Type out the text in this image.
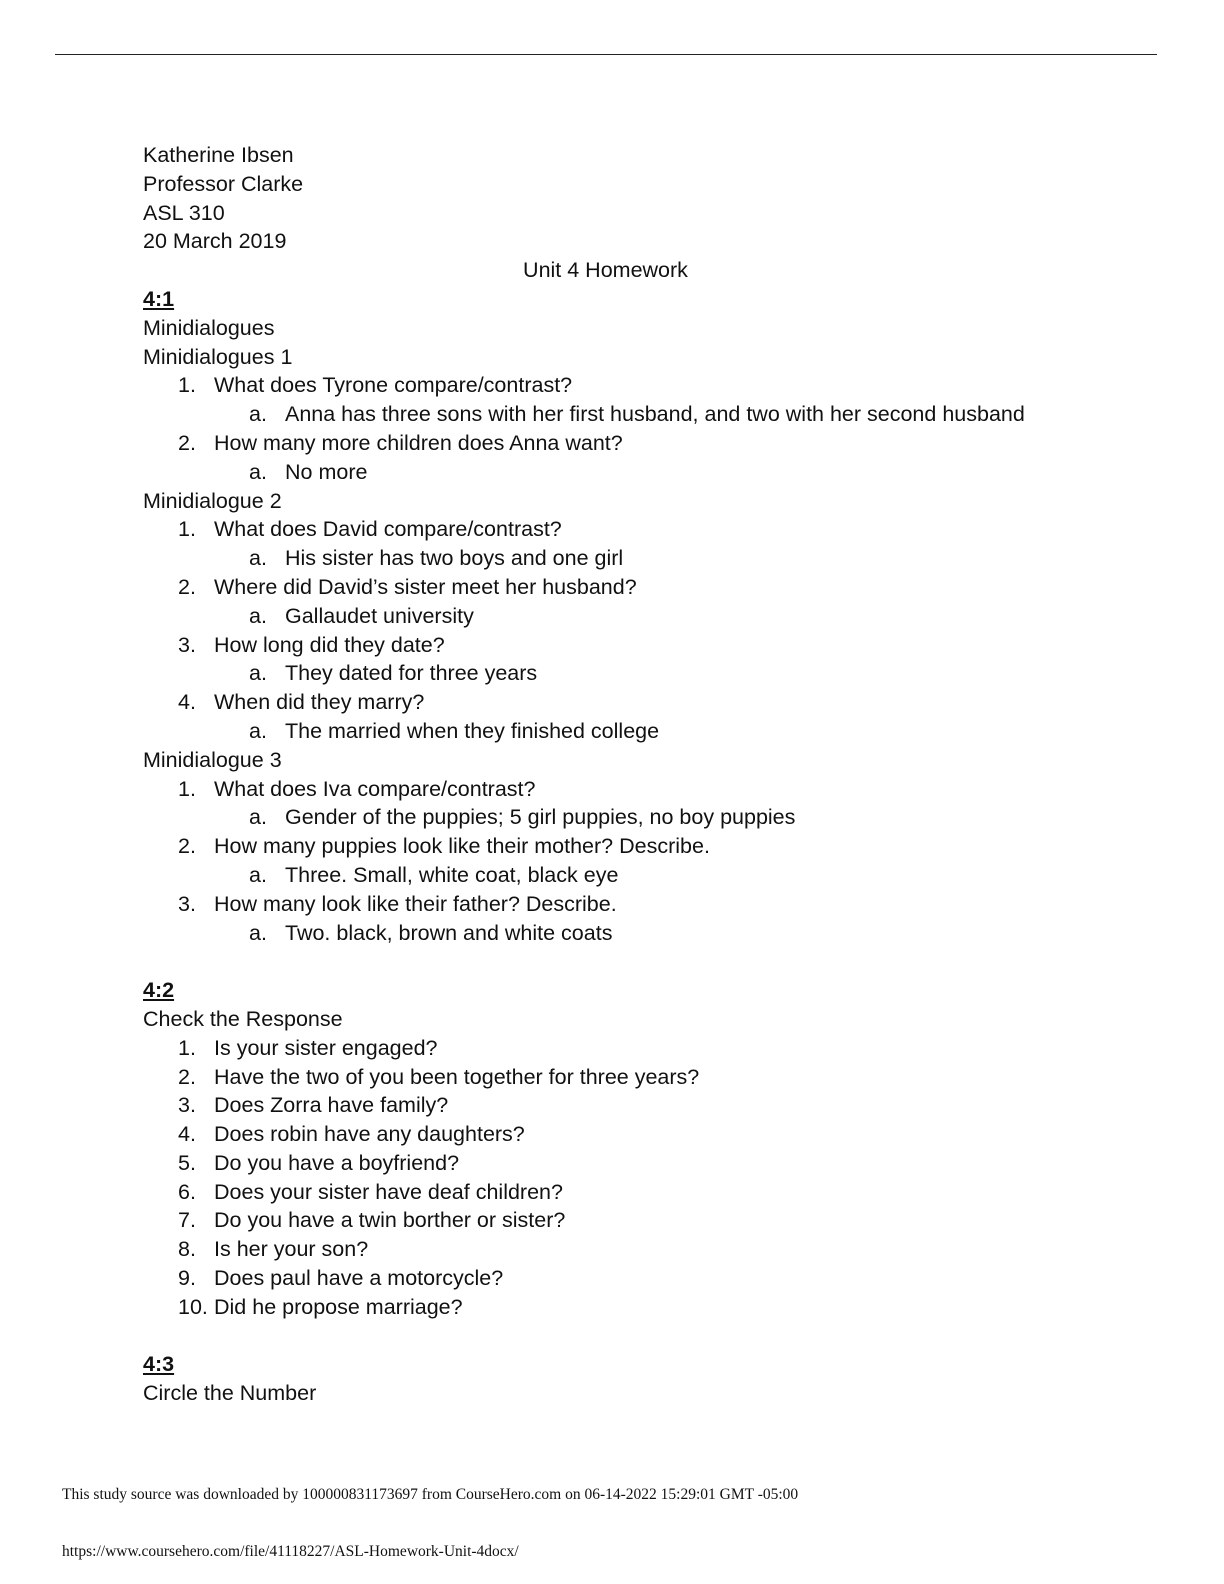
Katherine Ibsen
Professor Clarke
ASL 310
20 March 2019
Unit 4 Homework
4:1
Minidialogues
Minidialogues 1
1. What does Tyrone compare/contrast?
a. Anna has three sons with her first husband, and two with her second husband
2. How many more children does Anna want?
a. No more
Minidialogue 2
1. What does David compare/contrast?
a. His sister has two boys and one girl
2. Where did David’s sister meet her husband?
a. Gallaudet university
3. How long did they date?
a. They dated for three years
4. When did they marry?
a. The married when they finished college
Minidialogue 3
1. What does Iva compare/contrast?
a. Gender of the puppies; 5 girl puppies, no boy puppies
2. How many puppies look like their mother? Describe.
a. Three. Small, white coat, black eye
3. How many look like their father? Describe.
a. Two. black, brown and white coats
4:2
Check the Response
1. Is your sister engaged?
2. Have the two of you been together for three years?
3. Does Zorra have family?
4. Does robin have any daughters?
5. Do you have a boyfriend?
6. Does your sister have deaf children?
7. Do you have a twin borther or sister?
8. Is her your son?
9. Does paul have a motorcycle?
10. Did he propose marriage?
4:3
Circle the Number
This study source was downloaded by 100000831173697 from CourseHero.com on 06-14-2022 15:29:01 GMT -05:00
https://www.coursehero.com/file/41118227/ASL-Homework-Unit-4docx/
